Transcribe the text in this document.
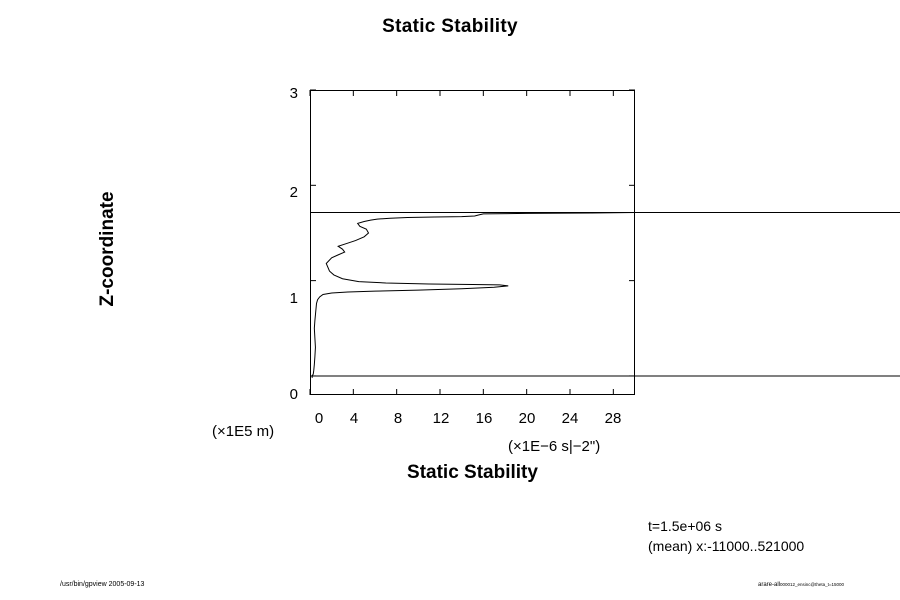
Static Stability
Z-coordinate
0
1
2
3
0	4	8	12	16	20	24	28
(×1E5 m)
(×1E−6 s|−2")
Static Stability
t=1.5e+06 s
(mean) x:-11000..521000
/usr/bin/gpview 2005-09-13	arare-all000012_ensinc@theta_t=15000
